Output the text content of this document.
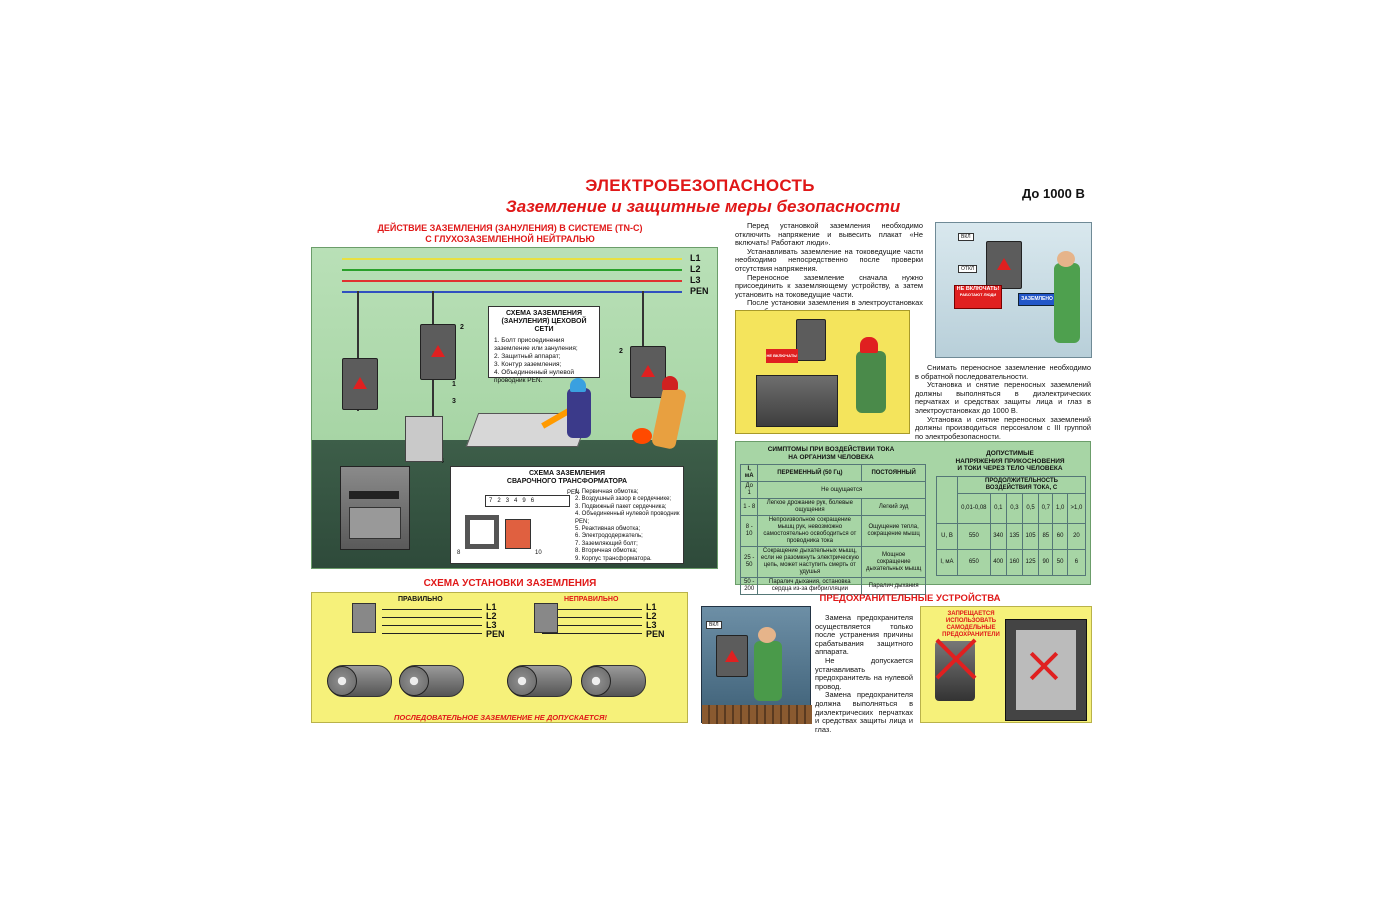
ЭЛЕКТРОБЕЗОПАСНОСТЬ
Заземление и защитные меры безопасности
До 1000 В
ДЕЙСТВИЕ ЗАЗЕМЛЕНИЯ (ЗАНУЛЕНИЯ) В СИСТЕМЕ (TN-C)
С ГЛУХОЗАЗЕМЛЕННОЙ НЕЙТРАЛЬЮ
L1
L2
L3
PEN
2
2
1
3
СХЕМА ЗАЗЕМЛЕНИЯ
(ЗАНУЛЕНИЯ) ЦЕХОВОЙ СЕТИ
1. Болт присоединения заземление или зануления;
2. Защитный аппарат;
3. Контур заземления;
4. Объединенный нулевой проводник PEN.
СХЕМА ЗАЗЕМЛЕНИЯ
СВАРОЧНОГО ТРАНСФОРМАТОРА
723496
PEN
8	10
1. Первичная обмотка;
2. Воздушный зазор в сердечнике;
3. Подвижный пакет сердечника;
4. Объединенный нулевой проводник PEN;
5. Реактивная обмотка;
6. Электрододержатель;
7. Заземляющий болт;
8. Вторичная обмотка;
9. Корпус трансформатора.
СХЕМА УСТАНОВКИ ЗАЗЕМЛЕНИЯ
ПРАВИЛЬНО	НЕПРАВИЛЬНО
L1
L2
L3
PEN
L1
L2
L3
PEN
ПОСЛЕДОВАТЕЛЬНОЕ ЗАЗЕМЛЕНИЕ НЕ ДОПУСКАЕТСЯ!
Перед установкой заземления необходимо отключить напряжение и вывесить плакат «Не включать! Работают люди».
Устанавливать заземление на токоведущие части необходимо непосредственно после проверки отсутствия напряжения.
Переносное заземление сначала нужно присоединить к заземляющему устройству, а затем установить на токоведущие части.
После установки заземления в электроустановках
ВКЛ
ОТКЛ
НЕ ВКЛЮЧАТЬ!
РАБОТАЮТ ЛЮДИ
ЗАЗЕМЛЕНО
НЕ ВКЛЮЧАТЬ!
Снимать переносное заземление необходимо в обратной последовательности.
Установка и снятие переносных заземлений должны выполняться в диэлектрических перчатках и средствах защиты лица и глаз в электроустановках до 1000 В.
Установка и снятие переносных заземлений должны производиться персоналом с III группой по электробезопасности.
СИМПТОМЫ ПРИ ВОЗДЕЙСТВИИ ТОКА
НА ОРГАНИЗМ ЧЕЛОВЕКА
I, мА	ПЕРЕМЕННЫЙ (50 Гц)	ПОСТОЯННЫЙ
До 1	Не ощущается	
1 - 8	Легкое дрожание рук, болевые ощущения	Легкий зуд
8 - 10	Непроизвольное сокращение мышц рук, невозможно самостоятельно освободиться от проводника тока	Ощущение тепла, сокращение мышц
25 - 50	Сокращение дыхательных мышц, если не разомкнуть электрическую цепь, может наступить смерть от удушья	Мощное сокращение дыхательных мышц
50 - 200	Паралич дыхания, остановка сердца из-за фибрилляции	Паралич дыхания
ДОПУСТИМЫЕ
НАПРЯЖЕНИЯ ПРИКОСНОВЕНИЯ
И ТОКИ ЧЕРЕЗ ТЕЛО ЧЕЛОВЕКА

	ПРОДОЛЖИТЕЛЬНОСТЬ
ВОЗДЕЙСТВИЯ ТОКА, С						

	0,01-0,08	0,1	0,3	0,5	0,7	1,0	>1,0
U, В	550	340	135	105	85	60	20
I, мА	650	400	160	125	90	50	6
ПРЕДОХРАНИТЕЛЬНЫЕ УСТРОЙСТВА
ВКЛ
Замена предохранителя осуществляется только после устранения причины срабатывания защитного аппарата.
Не допускается устанавливать предохранитель на нулевой провод.
Замена предохранителя должна выполняться в диэлектрических перчатках и средствах защиты лица и глаз.
ЗАПРЕЩАЕТСЯ ИСПОЛЬЗОВАТЬ
САМОДЕЛЬНЫЕ
ПРЕДОХРАНИТЕЛИ
